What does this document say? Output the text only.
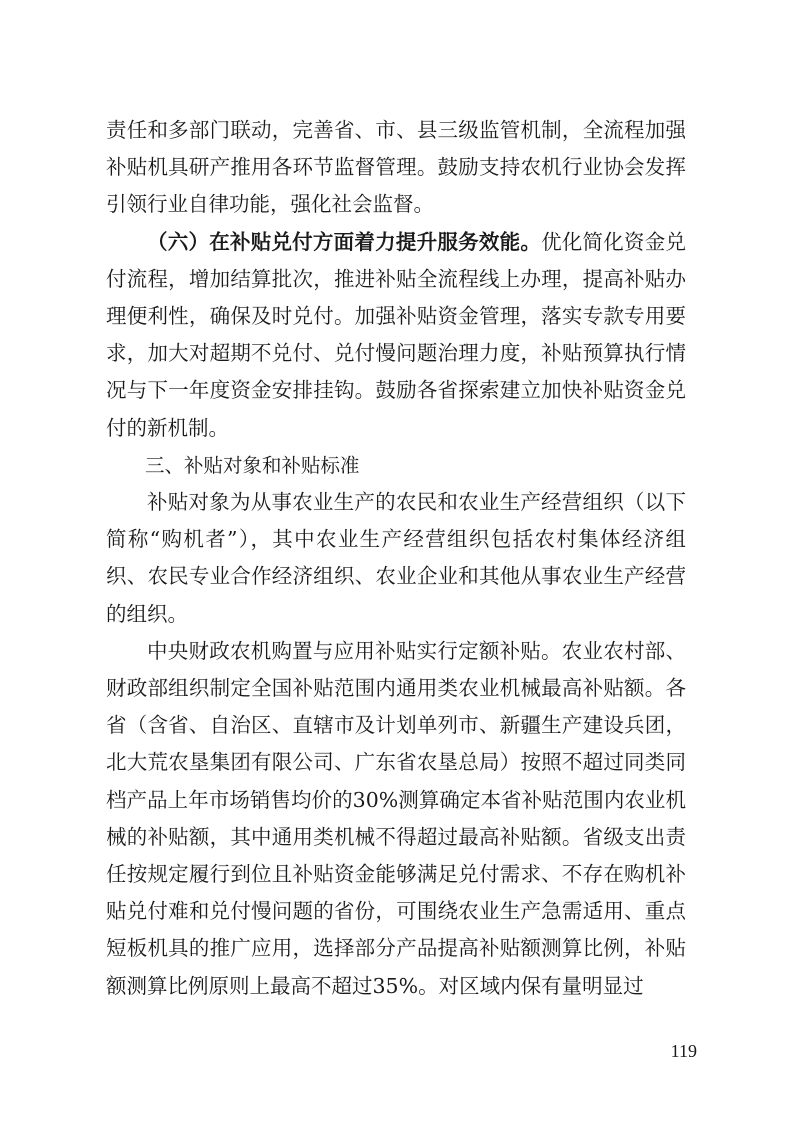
责任和多部门联动，完善省、市、县三级监管机制，全流程加强补贴机具研产推用各环节监督管理。鼓励支持农机行业协会发挥引领行业自律功能，强化社会监督。

（六）在补贴兑付方面着力提升服务效能。优化简化资金兑付流程，增加结算批次，推进补贴全流程线上办理，提高补贴办理便利性，确保及时兑付。加强补贴资金管理，落实专款专用要求，加大对超期不兑付、兑付慢问题治理力度，补贴预算执行情况与下一年度资金安排挂钩。鼓励各省探索建立加快补贴资金兑付的新机制。

三、补贴对象和补贴标准

补贴对象为从事农业生产的农民和农业生产经营组织（以下简称“购机者”），其中农业生产经营组织包括农村集体经济组织、农民专业合作经济组织、农业企业和其他从事农业生产经营的组织。

中央财政农机购置与应用补贴实行定额补贴。农业农村部、财政部组织制定全国补贴范围内通用类农业机械最高补贴额。各省（含省、自治区、直辖市及计划单列市、新疆生产建设兵团，北大荒农垦集团有限公司、广东省农垦总局）按照不超过同类同档产品上年市场销售均价的30%测算确定本省补贴范围内农业机械的补贴额，其中通用类机械不得超过最高补贴额。省级支出责任按规定履行到位且补贴资金能够满足兑付需求、不存在购机补贴兑付难和兑付慢问题的省份，可围绕农业生产急需适用、重点短板机具的推广应用，选择部分产品提高补贴额测算比例，补贴额测算比例原则上最高不超过35%。对区域内保有量明显过

119
